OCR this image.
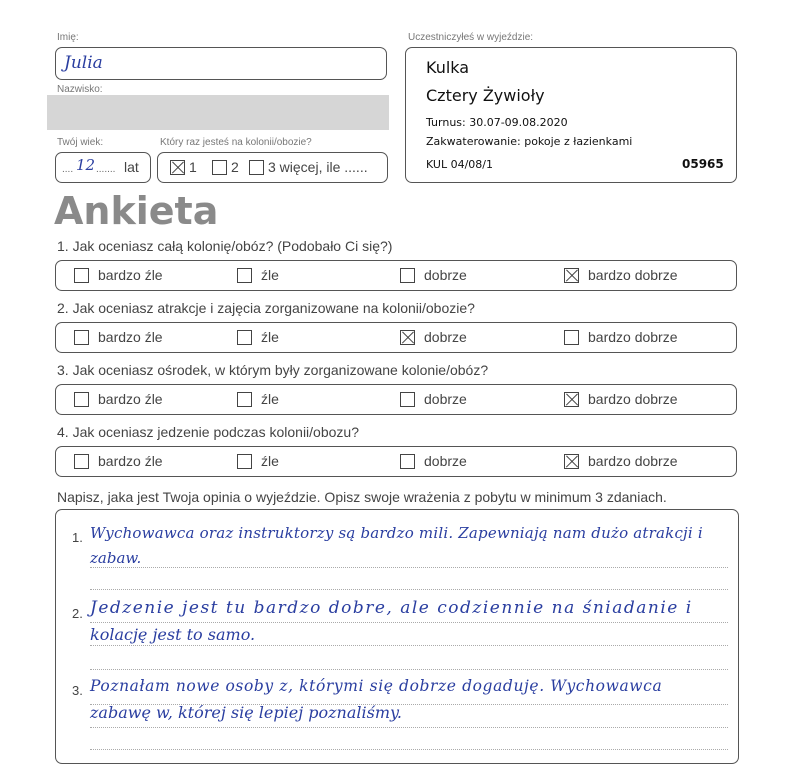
Imię:
Julia
Nazwisko:
Twój wiek:
.... 12 ....... lat
Który raz jesteś na kolonii/obozie?
1 2 3 więcej, ile ......
Uczestniczyłeś w wyjeździe:
Kulka
Cztery Żywioły
Turnus: 30.07-09.08.2020
Zakwaterowanie: pokoje z łazienkami
KUL 04/08/1	05965
Ankieta
1. Jak oceniasz całą kolonię/obóz? (Podobało Ci się?)
bardzo źle	źle	dobrze	bardzo dobrze
2. Jak oceniasz atrakcje i zajęcia zorganizowane na kolonii/obozie?
bardzo źle	źle	dobrze	bardzo dobrze
3. Jak oceniasz ośrodek, w którym były zorganizowane kolonie/obóz?
bardzo źle	źle	dobrze	bardzo dobrze
4. Jak oceniasz jedzenie podczas kolonii/obozu?
bardzo źle	źle	dobrze	bardzo dobrze
Napisz, jaka jest Twoja opinia o wyjeździe. Opisz swoje wrażenia z pobytu w minimum 3 zdaniach.
1. Wychowawca oraz instruktorzy są bardzo mili. Zapewniają nam dużo atrakcji i
zabaw.
2. Jedzenie jest tu bardzo dobre, ale codziennie na śniadanie i
kolację jest to samo.
3. Poznałam nowe osoby z, którymi się dobrze dogaduję. Wychowawca
zabawę w, której się lepiej poznaliśmy.
